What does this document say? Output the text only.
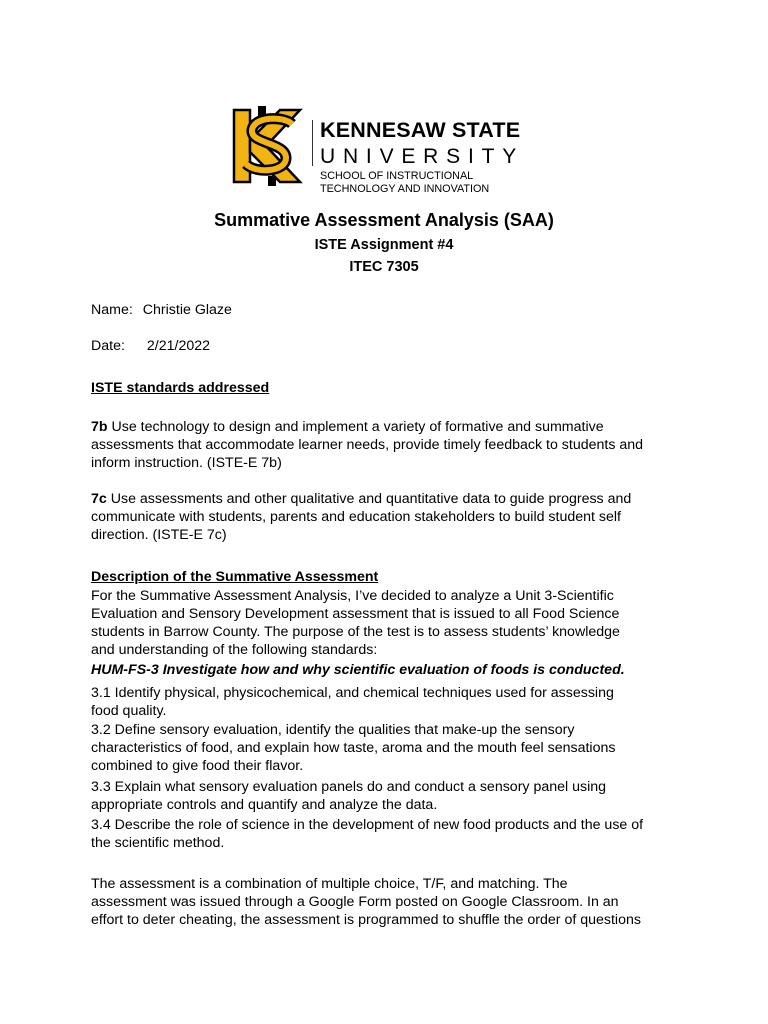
KENNESAW STATE
UNIVERSITY
SCHOOL OF INSTRUCTIONAL
TECHNOLOGY AND INNOVATION
Summative Assessment Analysis (SAA)
ISTE Assignment #4
ITEC 7305
Name: Christie Glaze
Date: 2/21/2022
ISTE standards addressed
7b Use technology to design and implement a variety of formative and summative
assessments that accommodate learner needs, provide timely feedback to students and
inform instruction. (ISTE-E 7b)
7c Use assessments and other qualitative and quantitative data to guide progress and
communicate with students, parents and education stakeholders to build student self
direction. (ISTE-E 7c)
Description of the Summative Assessment
For the Summative Assessment Analysis, I’ve decided to analyze a Unit 3-Scientific
Evaluation and Sensory Development assessment that is issued to all Food Science
students in Barrow County. The purpose of the test is to assess students’ knowledge
and understanding of the following standards:
HUM-FS-3 Investigate how and why scientific evaluation of foods is conducted.
3.1 Identify physical, physicochemical, and chemical techniques used for assessing
food quality.
3.2 Define sensory evaluation, identify the qualities that make-up the sensory
characteristics of food, and explain how taste, aroma and the mouth feel sensations
combined to give food their flavor.
3.3 Explain what sensory evaluation panels do and conduct a sensory panel using
appropriate controls and quantify and analyze the data.
3.4 Describe the role of science in the development of new food products and the use of
the scientific method.
The assessment is a combination of multiple choice, T/F, and matching. The
assessment was issued through a Google Form posted on Google Classroom. In an
effort to deter cheating, the assessment is programmed to shuffle the order of questions
